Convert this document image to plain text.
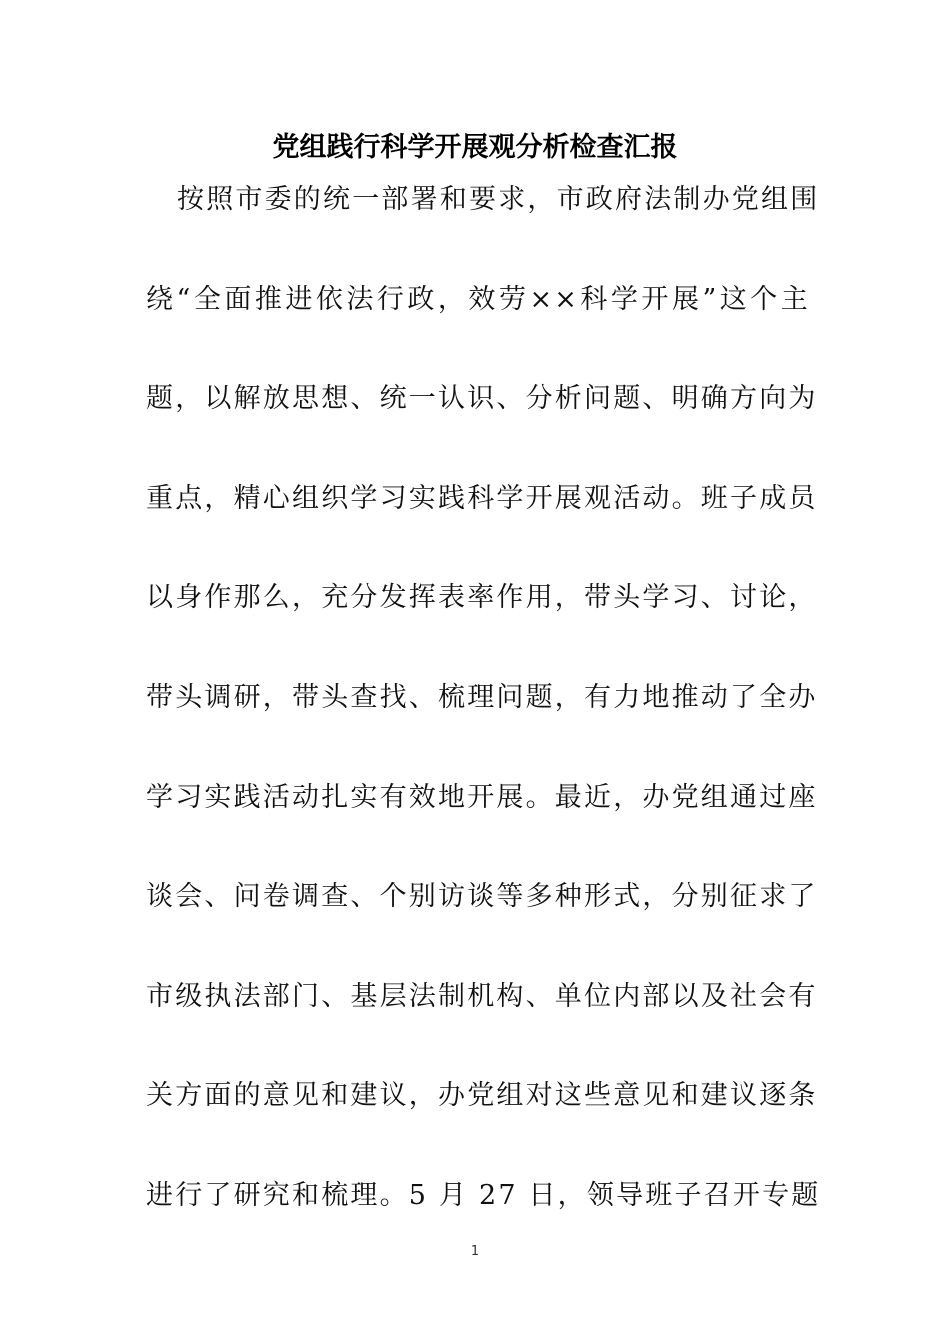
党组践行科学开展观分析检查汇报
按照市委的统一部署和要求，市政府法制办党组围
绕“全面推进依法行政，效劳××科学开展”这个主
题，以解放思想、统一认识、分析问题、明确方向为
重点，精心组织学习实践科学开展观活动。班子成员
以身作那么，充分发挥表率作用，带头学习、讨论，
带头调研，带头查找、梳理问题，有力地推动了全办
学习实践活动扎实有效地开展。最近，办党组通过座
谈会、问卷调查、个别访谈等多种形式，分别征求了
市级执法部门、基层法制机构、单位内部以及社会有
关方面的意见和建议，办党组对这些意见和建议逐条
进行了研究和梳理。5 月 27 日，领导班子召开专题
1
